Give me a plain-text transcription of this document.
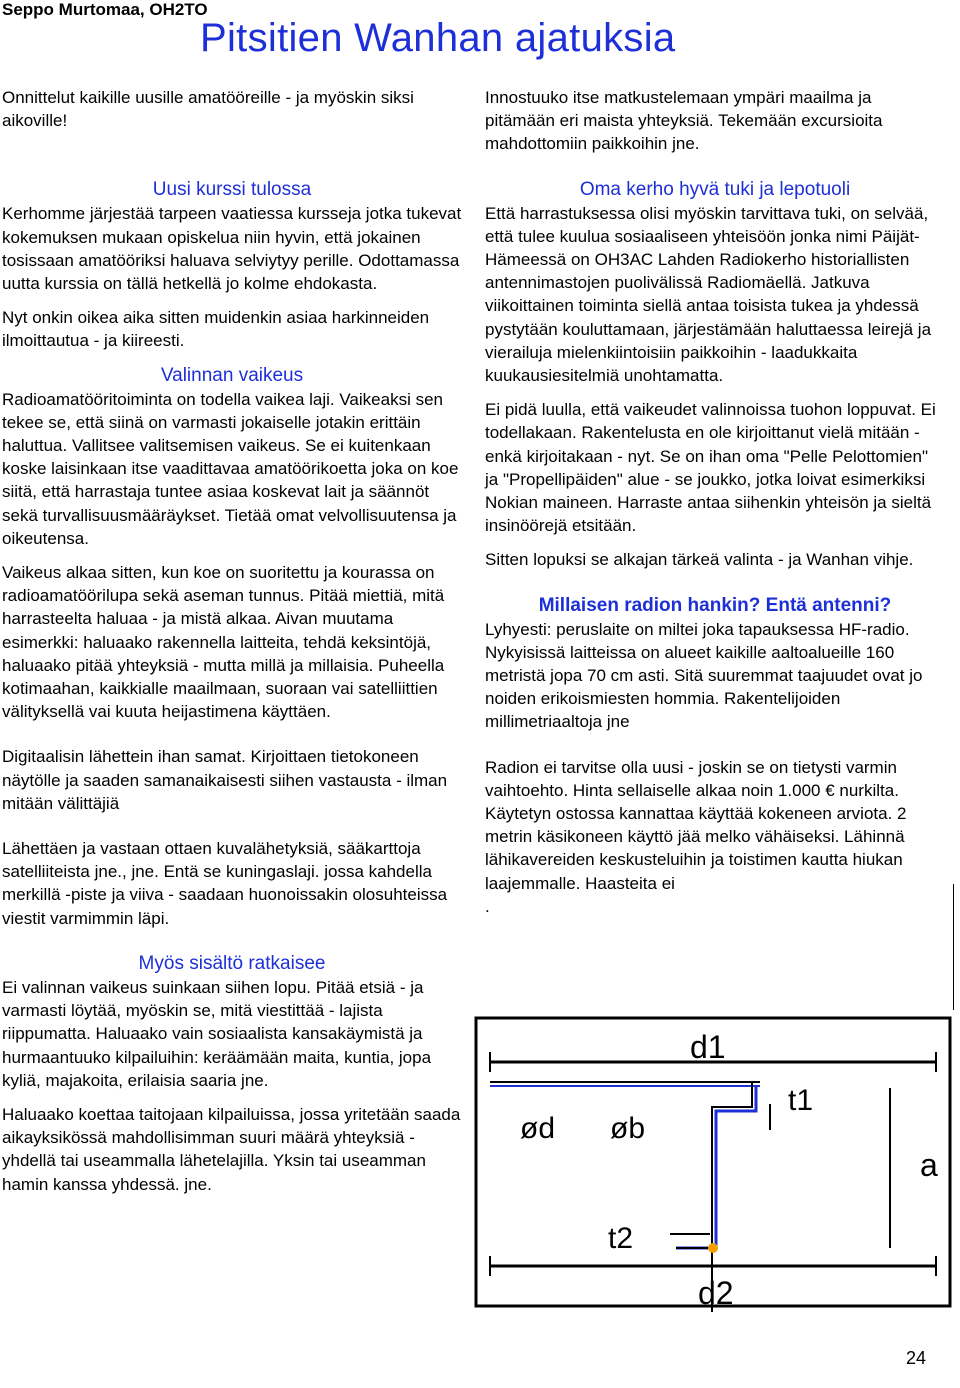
Seppo Murtomaa, OH2TO
Pitsitien Wanhan ajatuksia

Onnittelut kaikille uusille amatööreille - ja myöskin siksi aikoville!

Uusi kurssi tulossa

Kerhomme järjestää tarpeen vaatiessa kursseja jotka tukevat kokemuksen mukaan opiskelua niin hyvin, että jokainen tosissaan amatööriksi haluava selviytyy perille. Odottamassa uutta kurssia on tällä hetkellä jo kolme ehdokasta.

Nyt onkin oikea aika sitten muidenkin asiaa harkinneiden ilmoittautua - ja kiireesti.

Valinnan vaikeus

Radioamatööritoiminta on todella vaikea laji. Vaikeaksi sen tekee se, että siinä on varmasti jokaiselle jotakin erittäin haluttua. Vallitsee valitsemisen vaikeus. Se ei kuitenkaan koske laisinkaan itse vaadittavaa amatöörikoetta joka on koe siitä, että harrastaja tuntee asiaa koskevat lait ja säännöt sekä turvallisuusmääräykset. Tietää omat velvollisuutensa ja oikeutensa.

Vaikeus alkaa sitten, kun koe on suoritettu ja kourassa on radioamatöörilupa sekä aseman tunnus. Pitää miettiä, mitä harrasteelta haluaa - ja mistä alkaa. Aivan muutama esimerkki: haluaako rakennella laitteita, tehdä keksintöjä, haluaako pitää yhteyksiä - mutta millä ja millaisia. Puheella kotimaahan, kaikkialle maailmaan, suoraan vai satelliittien välityksellä vai kuuta heijastimena käyttäen.

Digitaalisin lähettein ihan samat. Kirjoittaen tietokoneen näytölle ja saaden samanaikaisesti siihen vastausta - ilman mitään välittäjiä

Lähettäen ja vastaan ottaen kuvalähetyksiä, sääkarttoja satelliiteista jne., jne. Entä se kuningaslaji. jossa kahdella merkillä -piste ja viiva - saadaan huonoissakin olosuhteissa viestit varmimmin läpi.

Myös sisältö ratkaisee

Ei valinnan vaikeus suinkaan siihen lopu. Pitää etsiä - ja varmasti löytää, myöskin se, mitä viestittää - lajista riippumatta. Haluaako vain sosiaalista kansakäymistä ja hurmaantuuko kilpailuihin: keräämään maita, kuntia, jopa kyliä, majakoita, erilaisia saaria jne.

Haluaako koettaa taitojaan kilpailuissa, jossa yritetään saada aikayksikössä mahdollisimman suuri määrä yhteyksiä - yhdellä tai useammalla lähetelajilla. Yksin tai useamman hamin kanssa yhdessä. jne.

Innostuuko itse matkustelemaan ympäri maailma ja pitämään eri maista yhteyksiä. Tekemään excursioita mahdottomiin paikkoihin jne.

Oma kerho hyvä tuki ja lepotuoli

Että harrastuksessa olisi myöskin tarvittava tuki, on selvää, että tulee kuulua sosiaaliseen yhteisöön jonka nimi Päijät-Hämeessä on OH3AC Lahden Radiokerho historiallisten antennimastojen puolivälissä Radiomäellä. Jatkuva viikoittainen toiminta siellä antaa toisista tukea ja yhdessä pystytään kouluttamaan, järjestämään haluttaessa leirejä ja vierailuja mielenkiintoisiin paikkoihin - laadukkaita kuukausiesitelmiä unohtamatta.

Ei pidä luulla, että vaikeudet valinnoissa tuohon loppuvat. Ei todellakaan. Rakentelusta en ole kirjoittanut vielä mitään - enkä kirjoitakaan - nyt. Se on ihan oma "Pelle Pelottomien" ja "Propellipäiden" alue - se joukko, jotka loivat esimerkiksi Nokian maineen. Harraste antaa siihenkin yhteisön ja sieltä insinöörejä etsitään.

Sitten lopuksi se alkajan tärkeä valinta - ja Wanhan vihje.

Millaisen radion hankin? Entä antenni?

Lyhyesti: peruslaite on miltei joka tapauksessa HF-radio. Nykyisissä laitteissa on alueet kaikille aaltoalueille 160 metristä jopa 70 cm asti. Sitä suuremmat taajuudet ovat jo noiden erikoismiesten hommia. Rakentelijoiden millimetriaaltoja jne

Radion ei tarvitse olla uusi - joskin se on tietysti varmin vaihtoehto. Hinta sellaiselle alkaa noin 1.000 € nurkilta. Käytetyn ostossa kannattaa käyttää kokeneen arviota. 2 metrin käsikoneen käyttö jää melko vähäiseksi. Lähinnä lähikavereiden keskusteluihin ja toistimen kautta hiukan laajemmalle. Haasteita ei

.

d1
t1
ød øb
a
t2
d2
24
